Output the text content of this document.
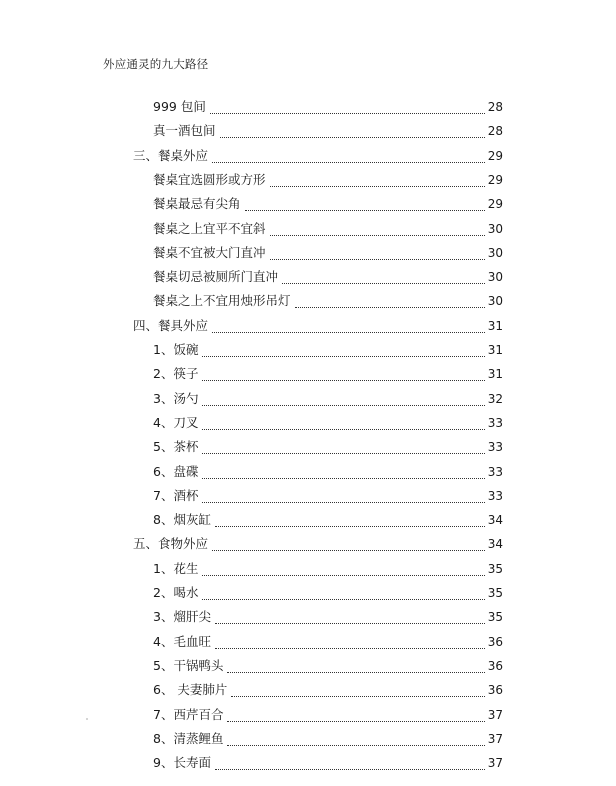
外应通灵的九大路径
999 包间	28
真一酒包间	28
三、餐桌外应	29
餐桌宜选圆形或方形	29
餐桌最忌有尖角	29
餐桌之上宜平不宜斜	30
餐桌不宜被大门直冲	30
餐桌切忌被厕所门直冲	30
餐桌之上不宜用烛形吊灯	30
四、餐具外应	31
1、饭碗	31
2、筷子	31
3、汤勺	32
4、刀叉	33
5、茶杯	33
6、盘碟	33
7、酒杯	33
8、烟灰缸	34
五、食物外应	34
1、花生	35
2、喝水	35
3、熘肝尖	35
4、毛血旺	36
5、干锅鸭头	36
6、 夫妻肺片	36
7、西芹百合	37
8、清蒸鲤鱼	37
9、长寿面	37
